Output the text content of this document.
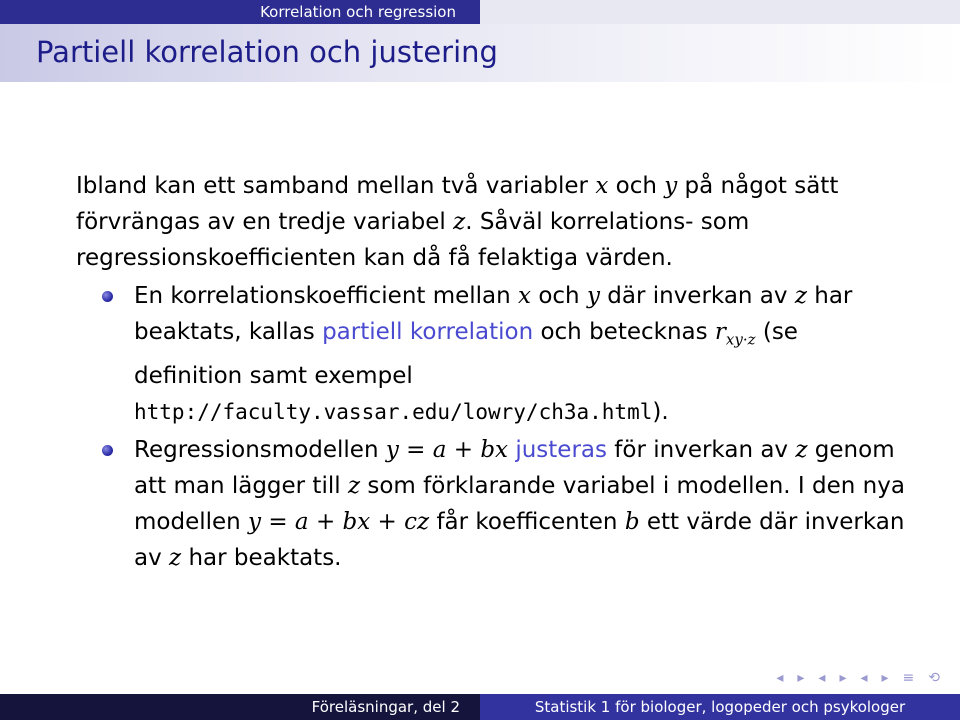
Korrelation och regression
Partiell korrelation och justering

Ibland kan ett samband mellan två variabler x och y på något sätt förvrängas av en tredje variabel z. Såväl korrelations- som regressionskoefficienten kan då få felaktiga värden.

En korrelationskoefficient mellan x och y där inverkan av z har beaktats, kallas partiell korrelation och betecknas $r_{xy\cdot z}$ (se definition samt exempel http://faculty.vassar.edu/lowry/ch3a.html).
Regressionsmodellen y = a + bx justeras för inverkan av z genom att man lägger till z som förklarande variabel i modellen. I den nya modellen y = a + bx + cz får koefficenten b ett värde där inverkan av z har beaktats.
◂ ▸ ◂ ▸ ◂ ▸ ≡ ⟲
Föreläsningar, del 2	Statistik 1 för biologer, logopeder och psykologer
